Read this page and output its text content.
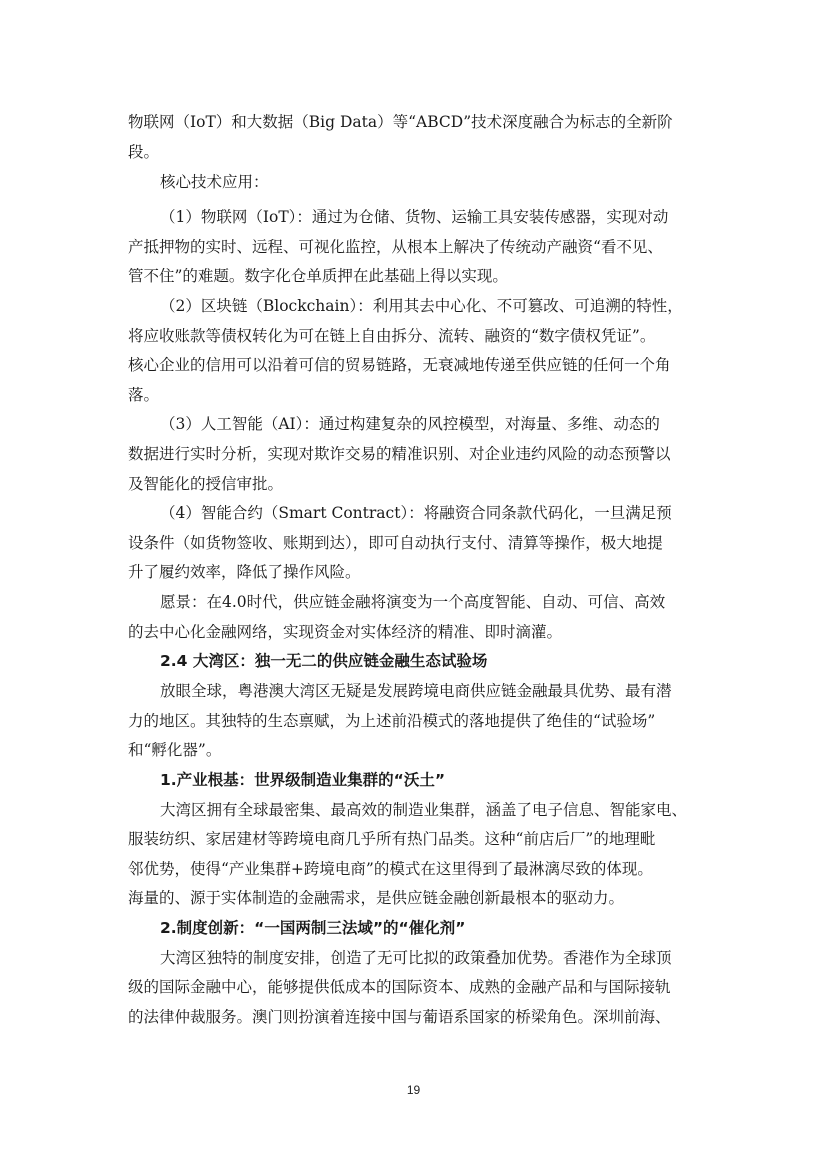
物联网（IoT）和大数据（Big Data）等“ABCD”技术深度融合为标志的全新阶
段。
核心技术应用：
（1）物联网（IoT）：通过为仓储、货物、运输工具安装传感器，实现对动
产抵押物的实时、远程、可视化监控，从根本上解决了传统动产融资“看不见、
管不住”的难题。数字化仓单质押在此基础上得以实现。
（2）区块链（Blockchain）：利用其去中心化、不可篡改、可追溯的特性，
将应收账款等债权转化为可在链上自由拆分、流转、融资的“数字债权凭证”。
核心企业的信用可以沿着可信的贸易链路，无衰减地传递至供应链的任何一个角
落。
（3）人工智能（AI）：通过构建复杂的风控模型，对海量、多维、动态的
数据进行实时分析，实现对欺诈交易的精准识别、对企业违约风险的动态预警以
及智能化的授信审批。
（4）智能合约（Smart Contract）：将融资合同条款代码化，一旦满足预
设条件（如货物签收、账期到达），即可自动执行支付、清算等操作，极大地提
升了履约效率，降低了操作风险。
愿景：在4.0时代，供应链金融将演变为一个高度智能、自动、可信、高效
的去中心化金融网络，实现资金对实体经济的精准、即时滴灌。
2.4 大湾区：独一无二的供应链金融生态试验场
放眼全球，粤港澳大湾区无疑是发展跨境电商供应链金融最具优势、最有潜
力的地区。其独特的生态禀赋，为上述前沿模式的落地提供了绝佳的“试验场”
和“孵化器”。
1.产业根基：世界级制造业集群的“沃土”
大湾区拥有全球最密集、最高效的制造业集群，涵盖了电子信息、智能家电、
服装纺织、家居建材等跨境电商几乎所有热门品类。这种“前店后厂”的地理毗
邻优势，使得“产业集群+跨境电商”的模式在这里得到了最淋漓尽致的体现。
海量的、源于实体制造的金融需求，是供应链金融创新最根本的驱动力。
2.制度创新：“一国两制三法域”的“催化剂”
大湾区独特的制度安排，创造了无可比拟的政策叠加优势。香港作为全球顶
级的国际金融中心，能够提供低成本的国际资本、成熟的金融产品和与国际接轨
的法律仲裁服务。澳门则扮演着连接中国与葡语系国家的桥梁角色。深圳前海、
19
